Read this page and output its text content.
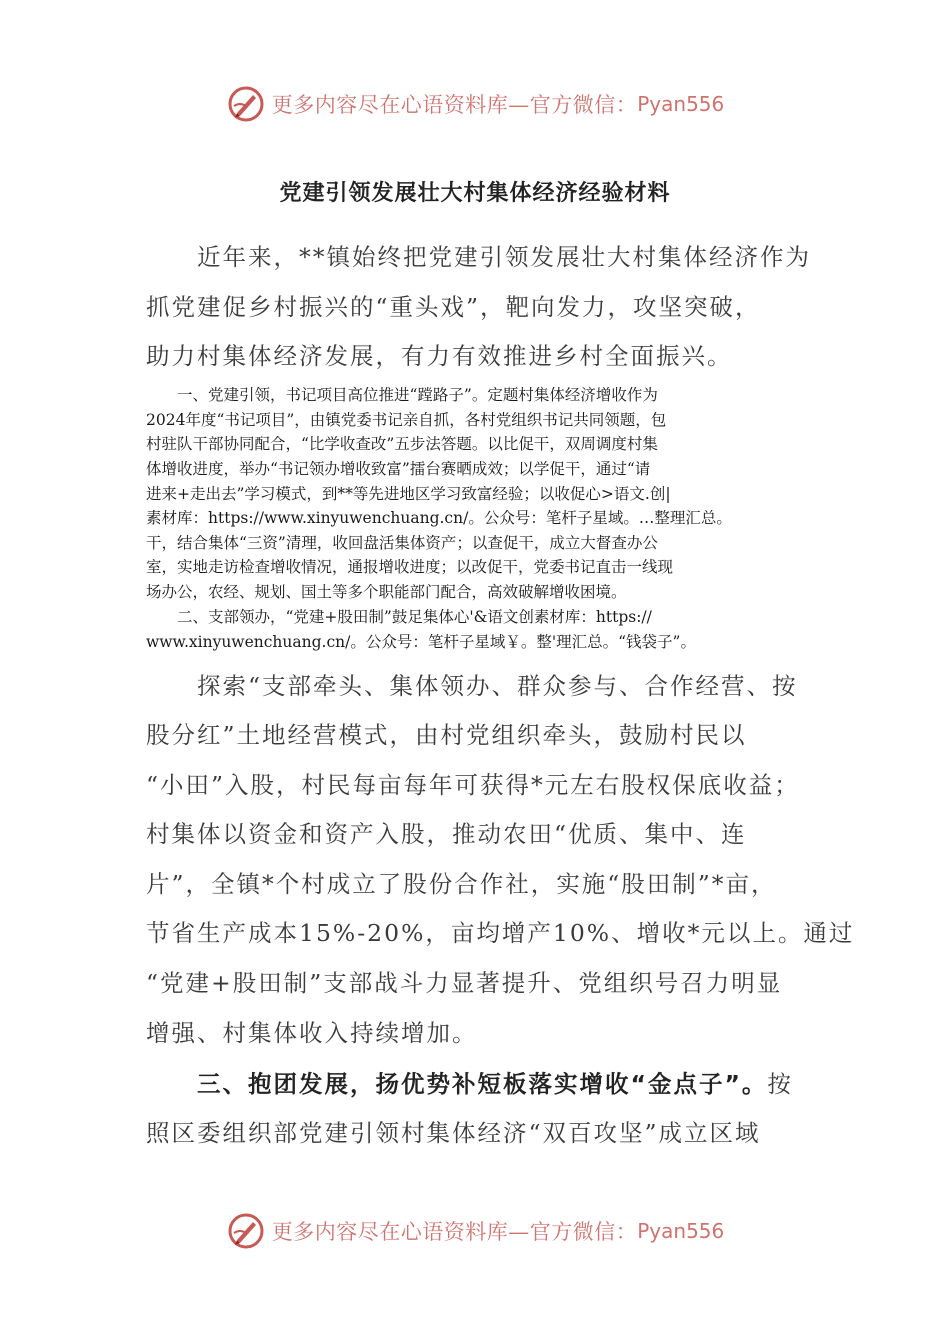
更多内容尽在心语资料库—官方微信： Pyan556
党建引领发展壮大村集体经济经验材料

　　近年来，**镇始终把党建引领发展壮大村集体经济作为

抓党建促乡村振兴的“重头戏”，靶向发力，攻坚突破，

助力村集体经济发展，有力有效推进乡村全面振兴。

　　一、党建引领，书记项目高位推进“蹚路子”。定题村集体经济增收作为

2024年度“书记项目”，由镇党委书记亲自抓，各村党组织书记共同领题，包

村驻队干部协同配合，“比学收查改”五步法答题。以比促干，双周调度村集

体增收进度，举办“书记领办增收致富”擂台赛晒成效；以学促干，通过“请

进来+走出去”学习模式，到**等先进地区学习致富经验；以收促心>语文.创|

素材库：https://www.xinyuwenchuang.cn/。公众号：笔杆子星域。…整理汇总。

干，结合集体“三资”清理，收回盘活集体资产；以查促干，成立大督查办公

室，实地走访检查增收情况，通报增收进度；以改促干，党委书记直击一线现

场办公，农经、规划、国土等多个职能部门配合，高效破解增收困境。

　　二、支部领办，“党建+股田制”鼓足集体心'&语文创素材库：https://

www.xinyuwenchuang.cn/。公众号：笔杆子星域￥。整'理汇总。“钱袋子”。

　　探索“支部牵头、集体领办、群众参与、合作经营、按

股分红”土地经营模式，由村党组织牵头，鼓励村民以

“小田”入股，村民每亩每年可获得*元左右股权保底收益；

村集体以资金和资产入股，推动农田“优质、集中、连

片”，全镇*个村成立了股份合作社，实施“股田制”*亩，

节省生产成本15%-20%，亩均增产10%、增收*元以上。通过

“党建+股田制”支部战斗力显著提升、党组织号召力明显

增强、村集体收入持续增加。

　　三、抱团发展，扬优势补短板落实增收“金点子”。按

照区委组织部党建引领村集体经济“双百攻坚”成立区域

更多内容尽在心语资料库—官方微信： Pyan556
